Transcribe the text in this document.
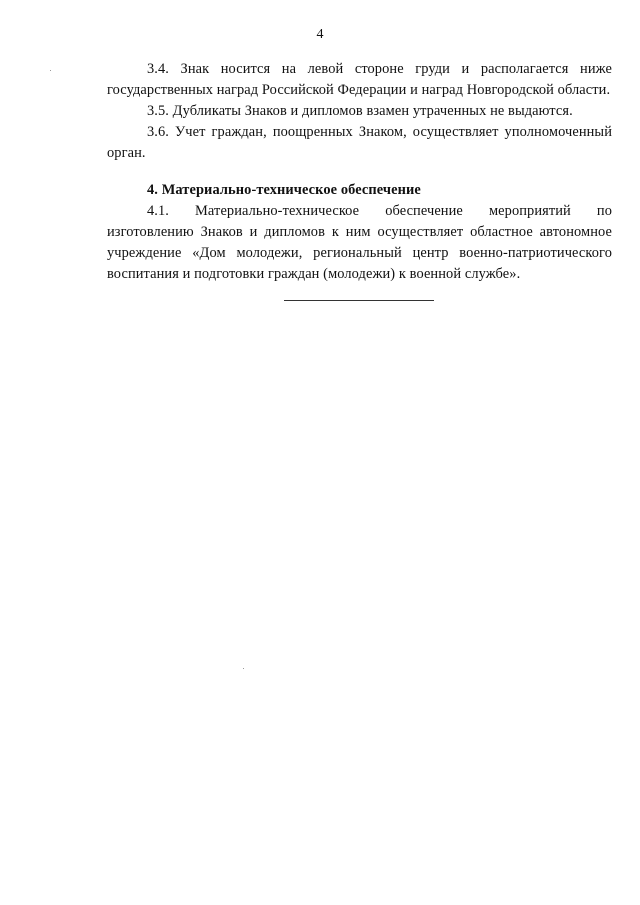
4

3.4. Знак носится на левой стороне груди и располагается ниже государственных наград Российской Федерации и наград Новгородской области.

3.5. Дубликаты Знаков и дипломов взамен утраченных не выдаются.

3.6. Учет граждан, поощренных Знаком, осуществляет уполномоченный орган.

4. Материально-техническое обеспечение

4.1. Материально-техническое обеспечение мероприятий по изготовлению Знаков и дипломов к ним осуществляет областное автономное учреждение «Дом молодежи, региональный центр военно-патриотического воспитания и подготовки граждан (молодежи) к военной службе».
